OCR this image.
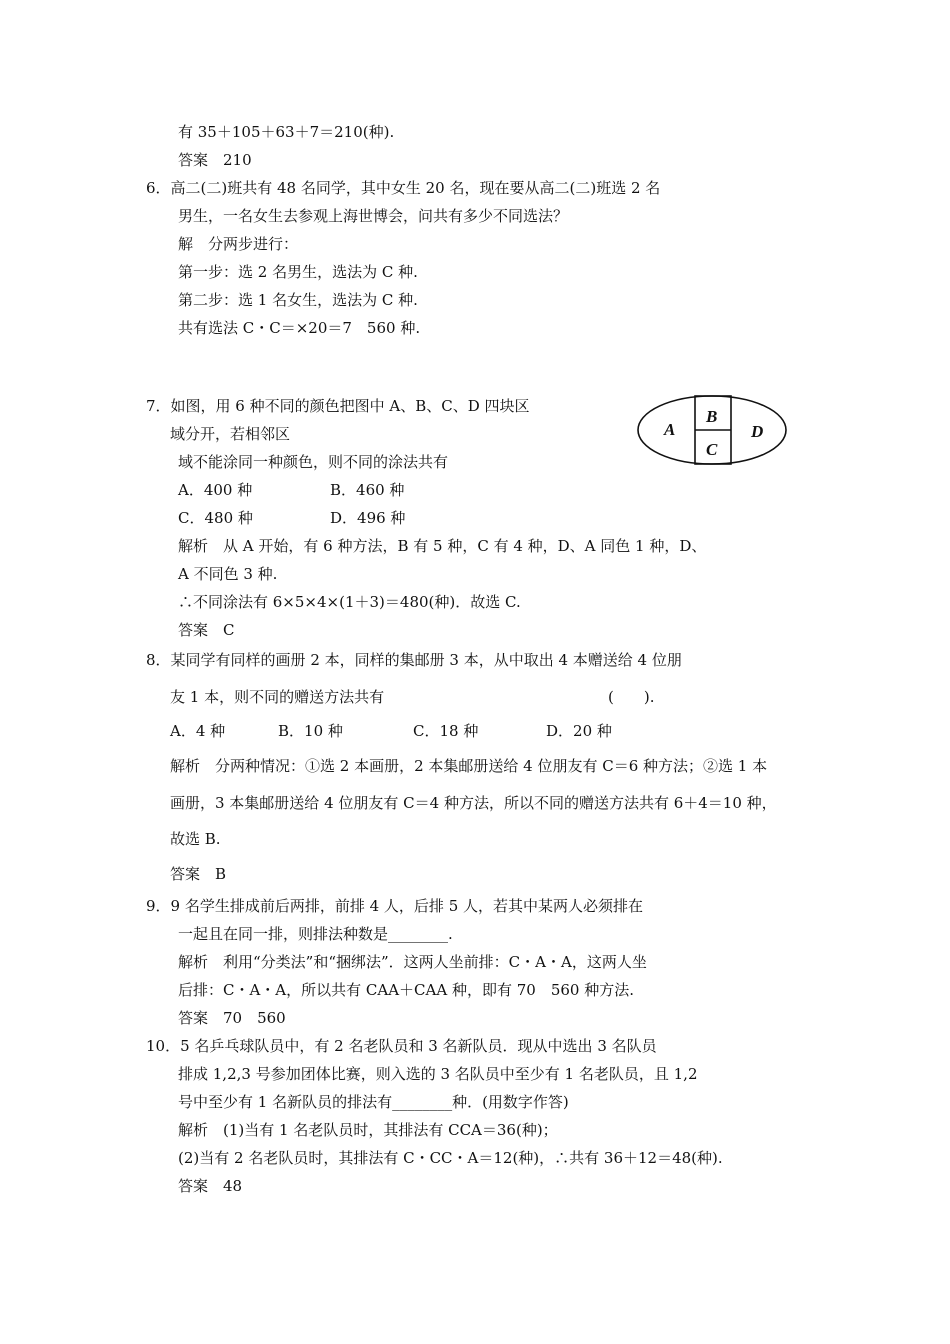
有 35＋105＋63＋7＝210(种).
答案　210
6．高二(二)班共有 48 名同学，其中女生 20 名，现在要从高二(二)班选 2 名
男生，一名女生去参观上海世博会，问共有多少不同选法？
解　分两步进行：
第一步：选 2 名男生，选法为 C 种.
第二步：选 1 名女生，选法为 C 种.
共有选法 C・C＝×20＝7　560 种.
7．如图，用 6 种不同的颜色把图中 A、B、C、D 四块区
域分开，若相邻区
域不能涂同一种颜色，则不同的涂法共有
A．400 种	B．460 种
C．480 种	D．496 种
解析　从 A 开始，有 6 种方法，B 有 5 种，C 有 4 种，D、A 同色 1 种，D、
A 不同色 3 种.
∴不同涂法有 6×5×4×(1＋3)＝480(种)．故选 C.
答案　C
A
B
C
D
8．某同学有同样的画册 2 本，同样的集邮册 3 本，从中取出 4 本赠送给 4 位朋
友 1 本，则不同的赠送方法共有	(　　).
A．4 种	B．10 种	C．18 种	D．20 种
解析　分两种情况：①选 2 本画册，2 本集邮册送给 4 位朋友有 C＝6 种方法；②选 1 本
画册，3 本集邮册送给 4 位朋友有 C＝4 种方法，所以不同的赠送方法共有 6＋4＝10 种，
故选 B.
答案　B
9．9 名学生排成前后两排，前排 4 人，后排 5 人，若其中某两人必须排在
一起且在同一排，则排法种数是________.
解析　利用“分类法”和“捆绑法”．这两人坐前排：C・A・A，这两人坐
后排：C・A・A，所以共有 CAA＋CAA 种，即有 70　560 种方法.
答案　70　560
10．5 名乒乓球队员中，有 2 名老队员和 3 名新队员．现从中选出 3 名队员
排成 1,2,3 号参加团体比赛，则入选的 3 名队员中至少有 1 名老队员，且 1,2
号中至少有 1 名新队员的排法有________种．(用数字作答)
解析　(1)当有 1 名老队员时，其排法有 CCA＝36(种)；
(2)当有 2 名老队员时，其排法有 C・CC・A＝12(种)，∴共有 36＋12＝48(种).
答案　48
